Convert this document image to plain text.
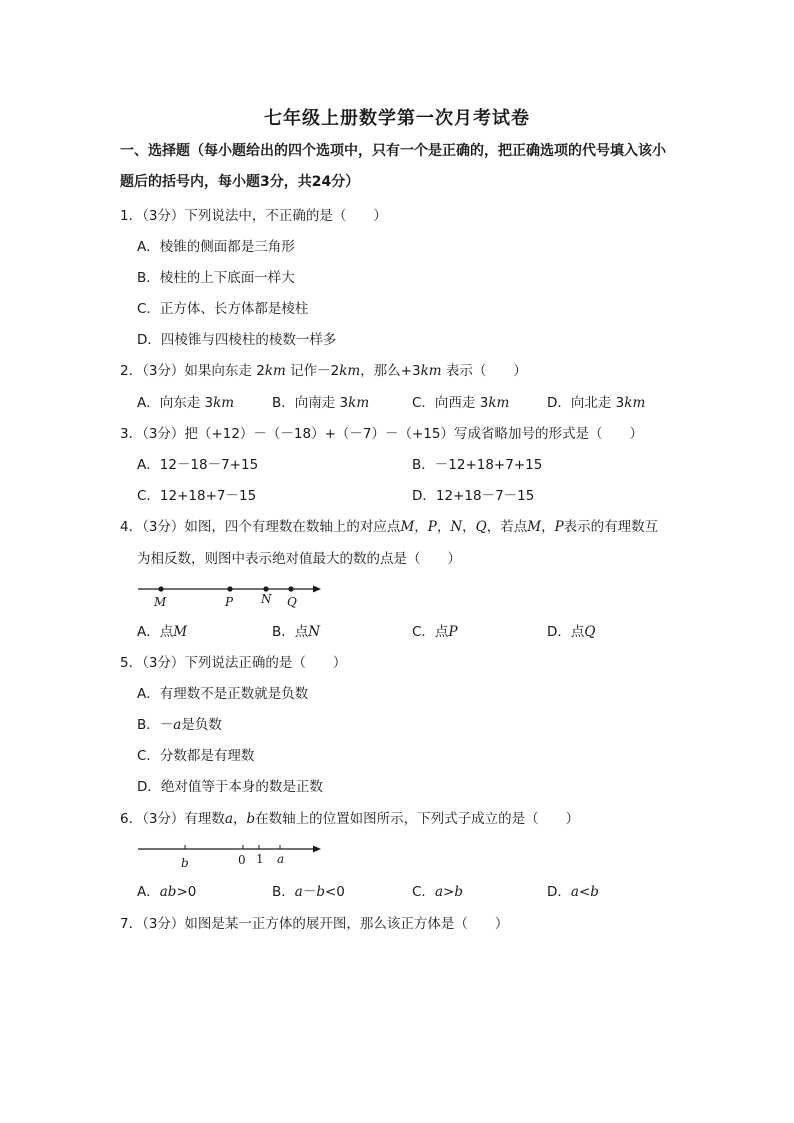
七年级上册数学第一次月考试卷
一、选择题（每小题给出的四个选项中，只有一个是正确的，把正确选项的代号填入该小
题后的括号内，每小题3分，共24分）
1．（3分）下列说法中，不正确的是（　　）
A．棱锥的侧面都是三角形
B．棱柱的上下底面一样大
C．正方体、长方体都是棱柱
D．四棱锥与四棱柱的棱数一样多
2．（3分）如果向东走 2km 记作－2km，那么+3km 表示（　　）
A．向东走 3km	B．向南走 3km	C．向西走 3km	D．向北走 3km
3．（3分）把（+12）－（－18）+（－7）－（+15）写成省略加号的形式是（　　）
A．12－18－7+15	B．－12+18+7+15
C．12+18+7－15	D．12+18－7－15
4．（3分）如图，四个有理数在数轴上的对应点M，P，N，Q，若点M，P表示的有理数互
为相反数，则图中表示绝对值最大的数的点是（　　）
M	P N Q
A．点M	B．点N	C．点P	D．点Q
5．（3分）下列说法正确的是（　　）
A．有理数不是正数就是负数
B．－a是负数
C．分数都是有理数
D．绝对值等于本身的数是正数
6．（3分）有理数a，b在数轴上的位置如图所示，下列式子成立的是（　　）
b	0 1 a
A．ab>0	B．a－b<0	C．a>b	D．a<b
7．（3分）如图是某一正方体的展开图，那么该正方体是（　　）
